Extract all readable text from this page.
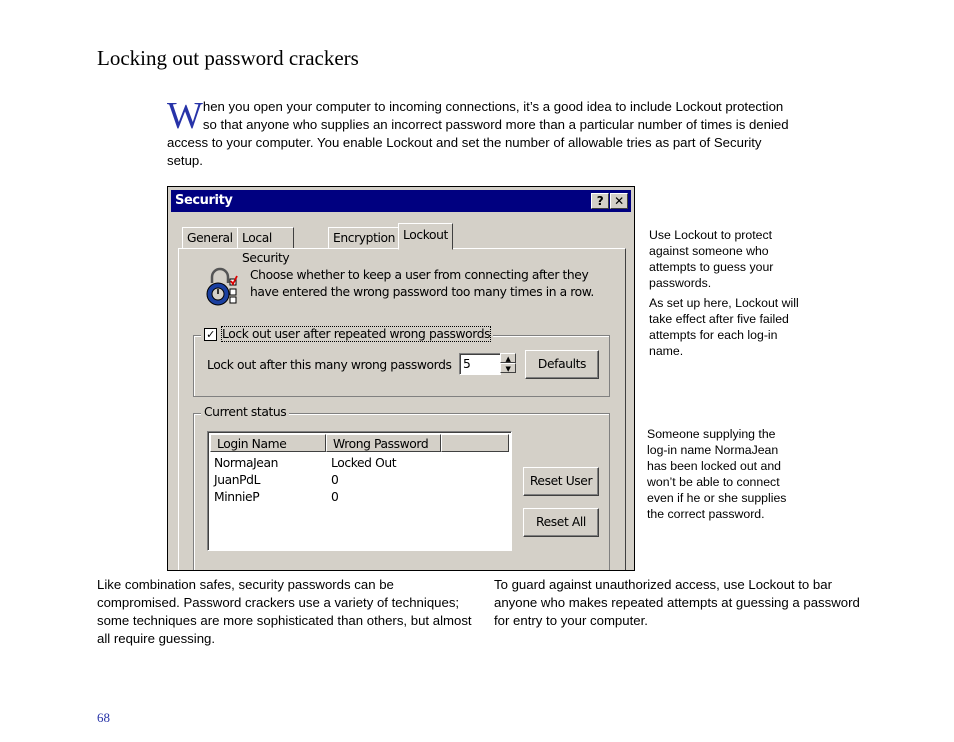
Locking out password crackers
When you open your computer to incoming connections, it’s a good idea to include Lockout protection so that anyone who supplies an incorrect password more than a particular number of times is denied access to your computer. You enable Lockout and set the number of allowable tries as part of Security setup.
Security	? ✕
General Local Security
Encryption Lockout
Choose whether to keep a user from connecting after they have entered the wrong password too many times in a row.
✓ Lock out user after repeated wrong passwords
Lock out after this many wrong passwords 5	▲
▼	Defaults
Current status
Login Name	Wrong Password
NormaJean	Locked Out
JuanPdL	0
MinnieP	0
Reset User
Reset All

Use Lockout to protect against someone who attempts to guess your passwords.

As set up here, Lockout will take effect after five failed attempts for each log-in name.

Someone supplying the log-in name NormaJean has been locked out and won’t be able to connect even if he or she supplies the correct password.

Like combination safes, security passwords can be compromised. Password crackers use a variety of techniques; some techniques are more sophisticated than others, but almost all require guessing.
To guard against unauthorized access, use Lockout to bar anyone who makes repeated attempts at guessing a password for entry to your computer.
68
